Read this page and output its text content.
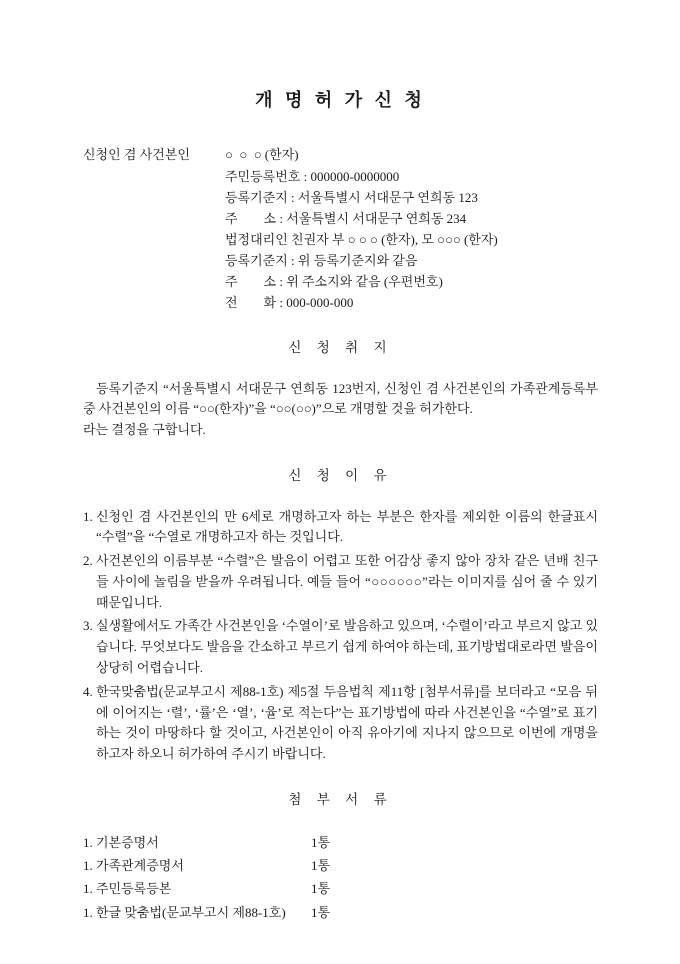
개 명 허 가 신 청
신청인 겸 사건본인	○  ○  ○ (한자)
주민등록번호 : 000000-0000000
등록기준지 : 서울특별시 서대문구 연희동 123
주        소 : 서울특별시 서대문구 연희동 234
법정대리인 친권자 부 ○ ○ ○ (한자), 모 ○○○ (한자)
등록기준지 : 위 등록기준지와 같음
주        소 : 위 주소지와 같음 (우편번호)
전        화 : 000-000-000
신 청 취 지

등록기준지 “서울특별시 서대문구 연희동 123번지, 신청인 겸 사건본인의 가족관계등록부 중 사건본인의 이름 “○○(한자)”을 “○○(○○)”으로 개명할 것을 허가한다.

라는 결정을 구합니다.

신 청 이 유
1. 신청인 겸 사건본인의 만 6세로 개명하고자 하는 부분은 한자를 제외한 이름의 한글표시 “수렬”을 “수열로 개명하고자 하는 것입니다.
2. 사건본인의 이름부분 “수렬”은 발음이 어렵고 또한 어감상 좋지 않아 장차 같은 년배 친구들 사이에 놀림을 받을까 우려됩니다. 예들 들어 “○○○○○○”라는 이미지를 심어 줄 수 있기 때문입니다.
3. 실생활에서도 가족간 사건본인을 ‘수열이’로 발음하고 있으며, ‘수렬이’라고 부르지 않고 있습니다. 무엇보다도 발음을 간소하고 부르기 쉽게 하여야 하는데, 표기방법대로라면 발음이 상당히 어렵습니다.
4. 한국맞춤법(문교부고시 제88-1호) 제5절 두음법칙 제11항 [첨부서류]를 보더라고 “모음 뒤에 이어지는 ‘렬’, ‘률’은 ‘열’, ‘율’로 적는다”는 표기방법에 따라 사건본인을 “수열”로 표기하는 것이 마땅하다 할 것이고, 사건본인이 아직 유아기에 지나지 않으므로 이번에 개명을 하고자 하오니 허가하여 주시기 바랍니다.
첨 부 서 류
1. 기본증명서	1통
1. 가족관계증명서	1통
1. 주민등록등본	1통
1. 한글 맞춤법(문교부고시 제88-1호)	1통
